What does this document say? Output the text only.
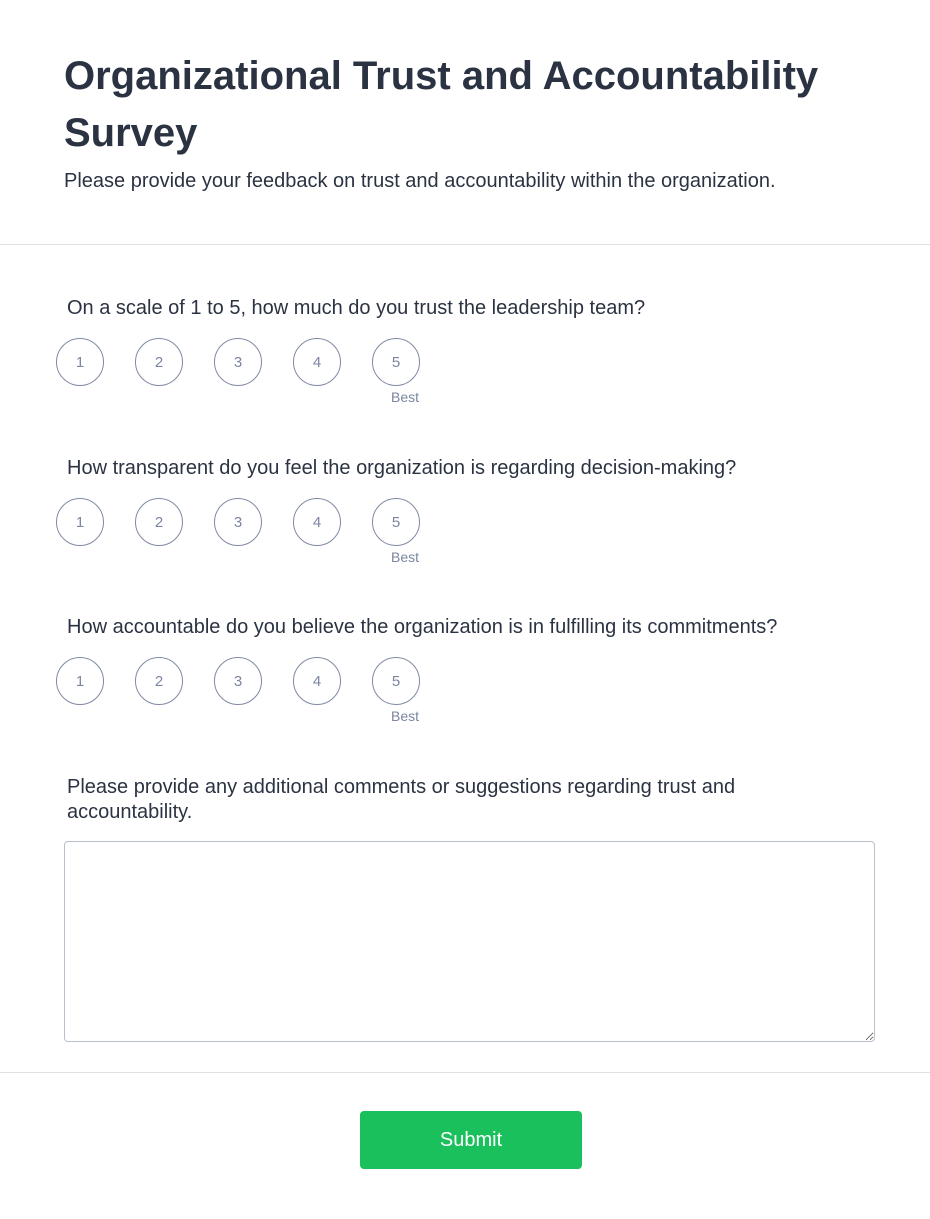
Organizational Trust and Accountability Survey

Please provide your feedback on trust and accountability within the organization.

On a scale of 1 to 5, how much do you trust the leadership team?

1	2	3	4	5
Best

How transparent do you feel the organization is regarding decision-making?

1	2	3	4	5
Best

How accountable do you believe the organization is in fulfilling its commitments?

1	2	3	4	5
Best

Please provide any additional comments or suggestions regarding trust and accountability.

Submit
